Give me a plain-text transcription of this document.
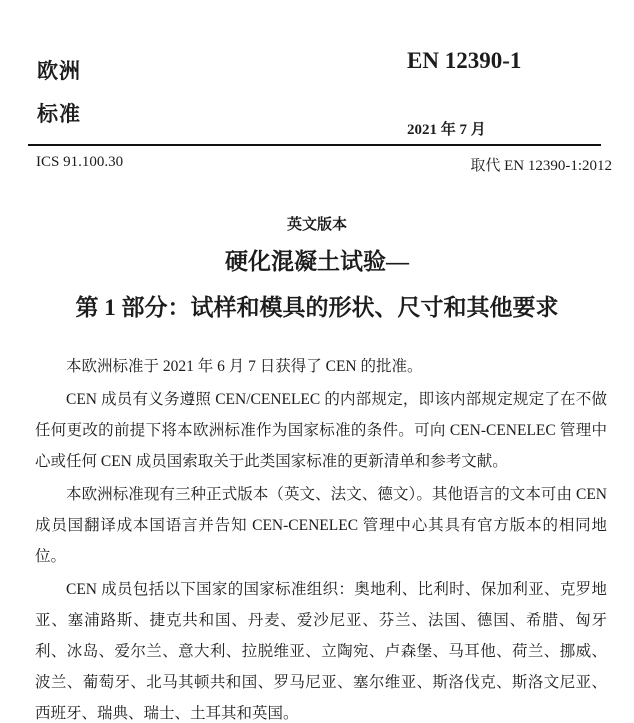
欧洲
标准
EN 12390-1
2021 年 7 月
ICS 91.100.30	取代 EN 12390-1:2012
英文版本
硬化混凝土试验—
第 1 部分：试样和模具的形状、尺寸和其他要求

本欧洲标准于 2021 年 6 月 7 日获得了 CEN 的批准。

CEN 成员有义务遵照 CEN/CENELEC 的内部规定，即该内部规定规定了在不做任何更改的前提下将本欧洲标准作为国家标准的条件。可向 CEN-CENELEC 管理中心或任何 CEN 成员国索取关于此类国家标准的更新清单和参考文献。

本欧洲标准现有三种正式版本（英文、法文、德文）。其他语言的文本可由 CEN 成员国翻译成本国语言并告知 CEN-CENELEC 管理中心其具有官方版本的相同地位。

CEN 成员包括以下国家的国家标准组织：奥地利、比利时、保加利亚、克罗地亚、塞浦路斯、捷克共和国、丹麦、爱沙尼亚、芬兰、法国、德国、希腊、匈牙利、冰岛、爱尔兰、意大利、拉脱维亚、立陶宛、卢森堡、马耳他、荷兰、挪威、波兰、葡萄牙、北马其顿共和国、罗马尼亚、塞尔维亚、斯洛伐克、斯洛文尼亚、西班牙、瑞典、瑞士、土耳其和英国。
